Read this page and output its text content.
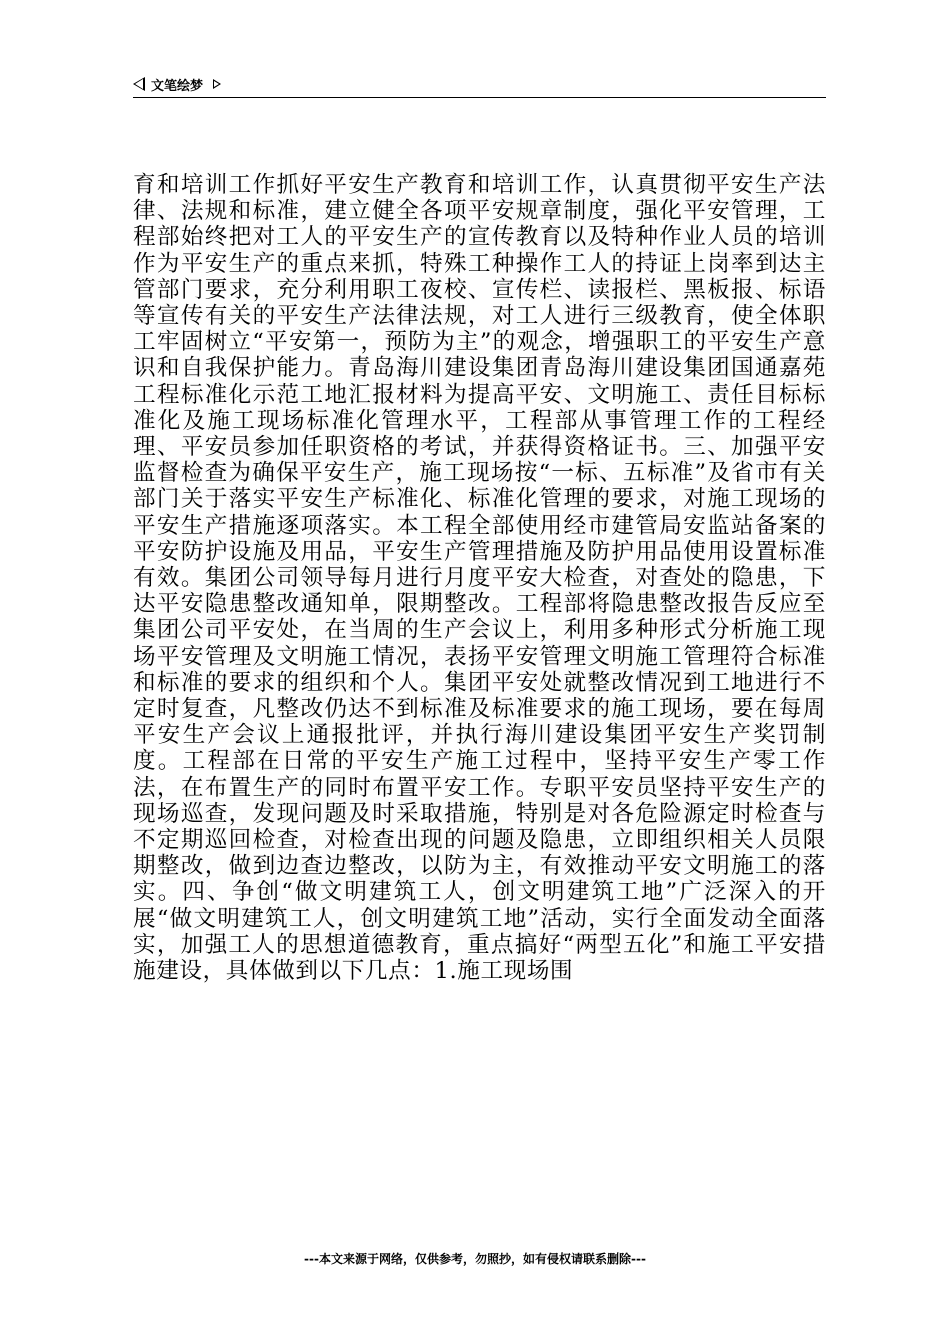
文笔绘梦

育和培训工作抓好平安生产教育和培训工作，认真贯彻平安生产法律、法规和标准，建立健全各项平安规章制度，强化平安管理，工程部始终把对工人的平安生产的宣传教育以及特种作业人员的培训作为平安生产的重点来抓，特殊工种操作工人的持证上岗率到达主管部门要求，充分利用职工夜校、宣传栏、读报栏、黑板报、标语等宣传有关的平安生产法律法规，对工人进行三级教育，使全体职工牢固树立“平安第一，预防为主”的观念，增强职工的平安生产意识和自我保护能力。青岛海川建设集团青岛海川建设集团国通嘉苑工程标准化示范工地汇报材料为提高平安、文明施工、责任目标标准化及施工现场标准化管理水平，工程部从事管理工作的工程经理、平安员参加任职资格的考试，并获得资格证书。三、加强平安监督检查为确保平安生产，施工现场按“一标、五标准”及省市有关部门关于落实平安生产标准化、标准化管理的要求，对施工现场的平安生产措施逐项落实。本工程全部使用经市建管局安监站备案的平安防护设施及用品，平安生产管理措施及防护用品使用设置标准有效。集团公司领导每月进行月度平安大检查，对查处的隐患，下达平安隐患整改通知单，限期整改。工程部将隐患整改报告反应至集团公司平安处，在当周的生产会议上，利用多种形式分析施工现场平安管理及文明施工情况，表扬平安管理文明施工管理符合标准和标准的要求的组织和个人。集团平安处就整改情况到工地进行不定时复查，凡整改仍达不到标准及标准要求的施工现场，要在每周平安生产会议上通报批评，并执行海川建设集团平安生产奖罚制度。工程部在日常的平安生产施工过程中，坚持平安生产零工作法，在布置生产的同时布置平安工作。专职平安员坚持平安生产的现场巡查，发现问题及时采取措施，特别是对各危险源定时检查与不定期巡回检查，对检查出现的问题及隐患，立即组织相关人员限期整改，做到边查边整改，以防为主，有效推动平安文明施工的落实。四、争创“做文明建筑工人，创文明建筑工地”广泛深入的开展“做文明建筑工人，创文明建筑工地”活动，实行全面发动全面落实，加强工人的思想道德教育，重点搞好“两型五化”和施工平安措施建设，具体做到以下几点：1.施工现场围

---本文来源于网络，仅供参考，勿照抄，如有侵权请联系删除---
